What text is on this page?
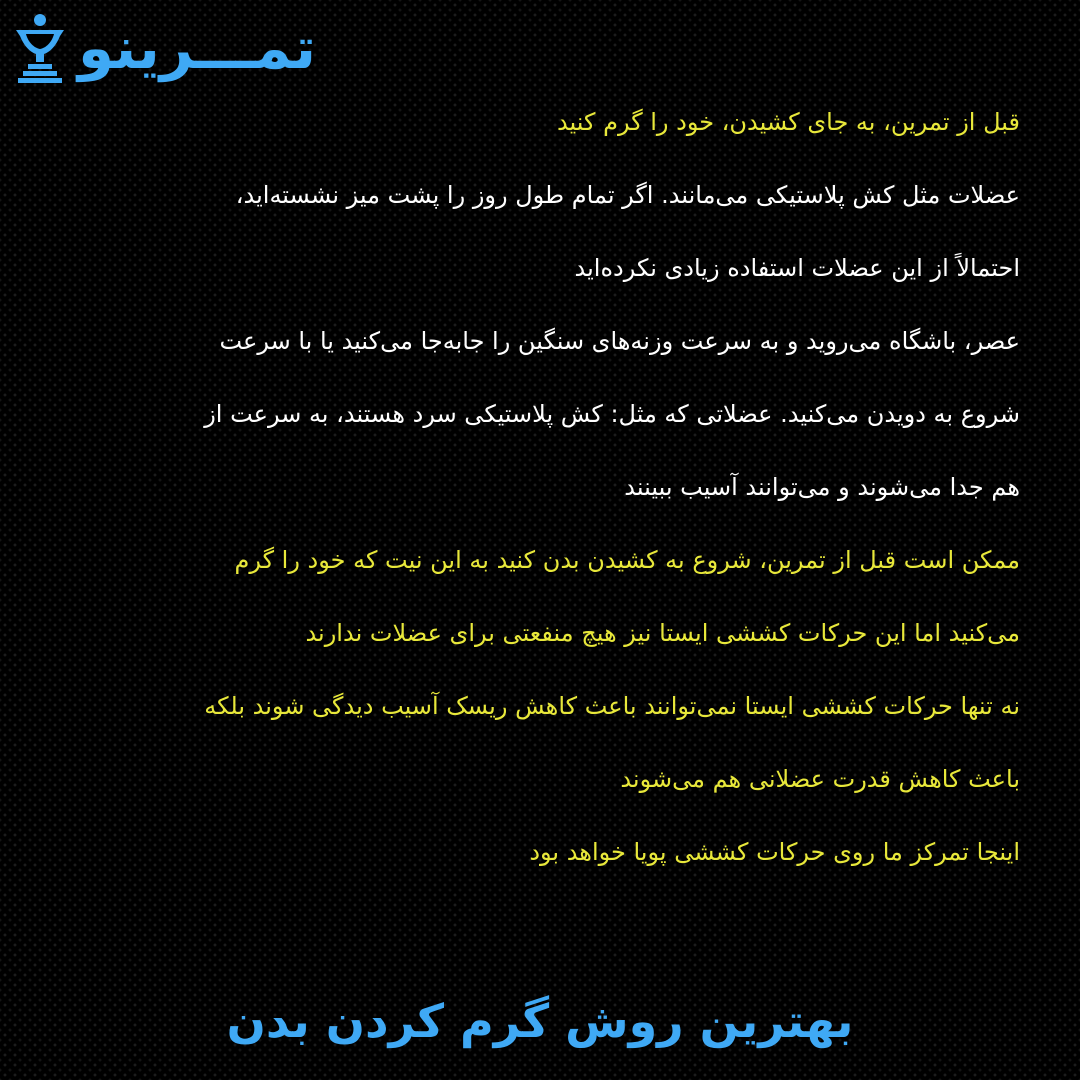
تمـــرینو
قبل از تمرین، به جای کشیدن، خود را گرم کنید
عضلات مثل کش پلاستیکی می‌مانند. اگر تمام طول روز را پشت میز نشسته‌اید،
احتمالاً از این عضلات استفاده زیادی نکرده‌اید
عصر، باشگاه می‌روید و به سرعت وزنه‌های سنگین را جابه‌جا می‌کنید یا با سرعت
شروع به دویدن می‌کنید. عضلاتی که مثل: کش پلاستیکی سرد هستند، به سرعت از
هم جدا می‌شوند و می‌توانند آسیب ببینند
ممکن است قبل از تمرین، شروع به کشیدن بدن کنید به این نیت که خود را گرم
می‌کنید اما این حرکات کششی ایستا نیز هیچ منفعتی برای عضلات ندارند
نه تنها حرکات کششی ایستا نمی‌توانند باعث کاهش ریسک آسیب دیدگی شوند بلکه
باعث کاهش قدرت عضلانی هم می‌شوند
اینجا تمرکز ما روی حرکات کششی پویا خواهد بود
بهترین روش گرم کردن بدن
